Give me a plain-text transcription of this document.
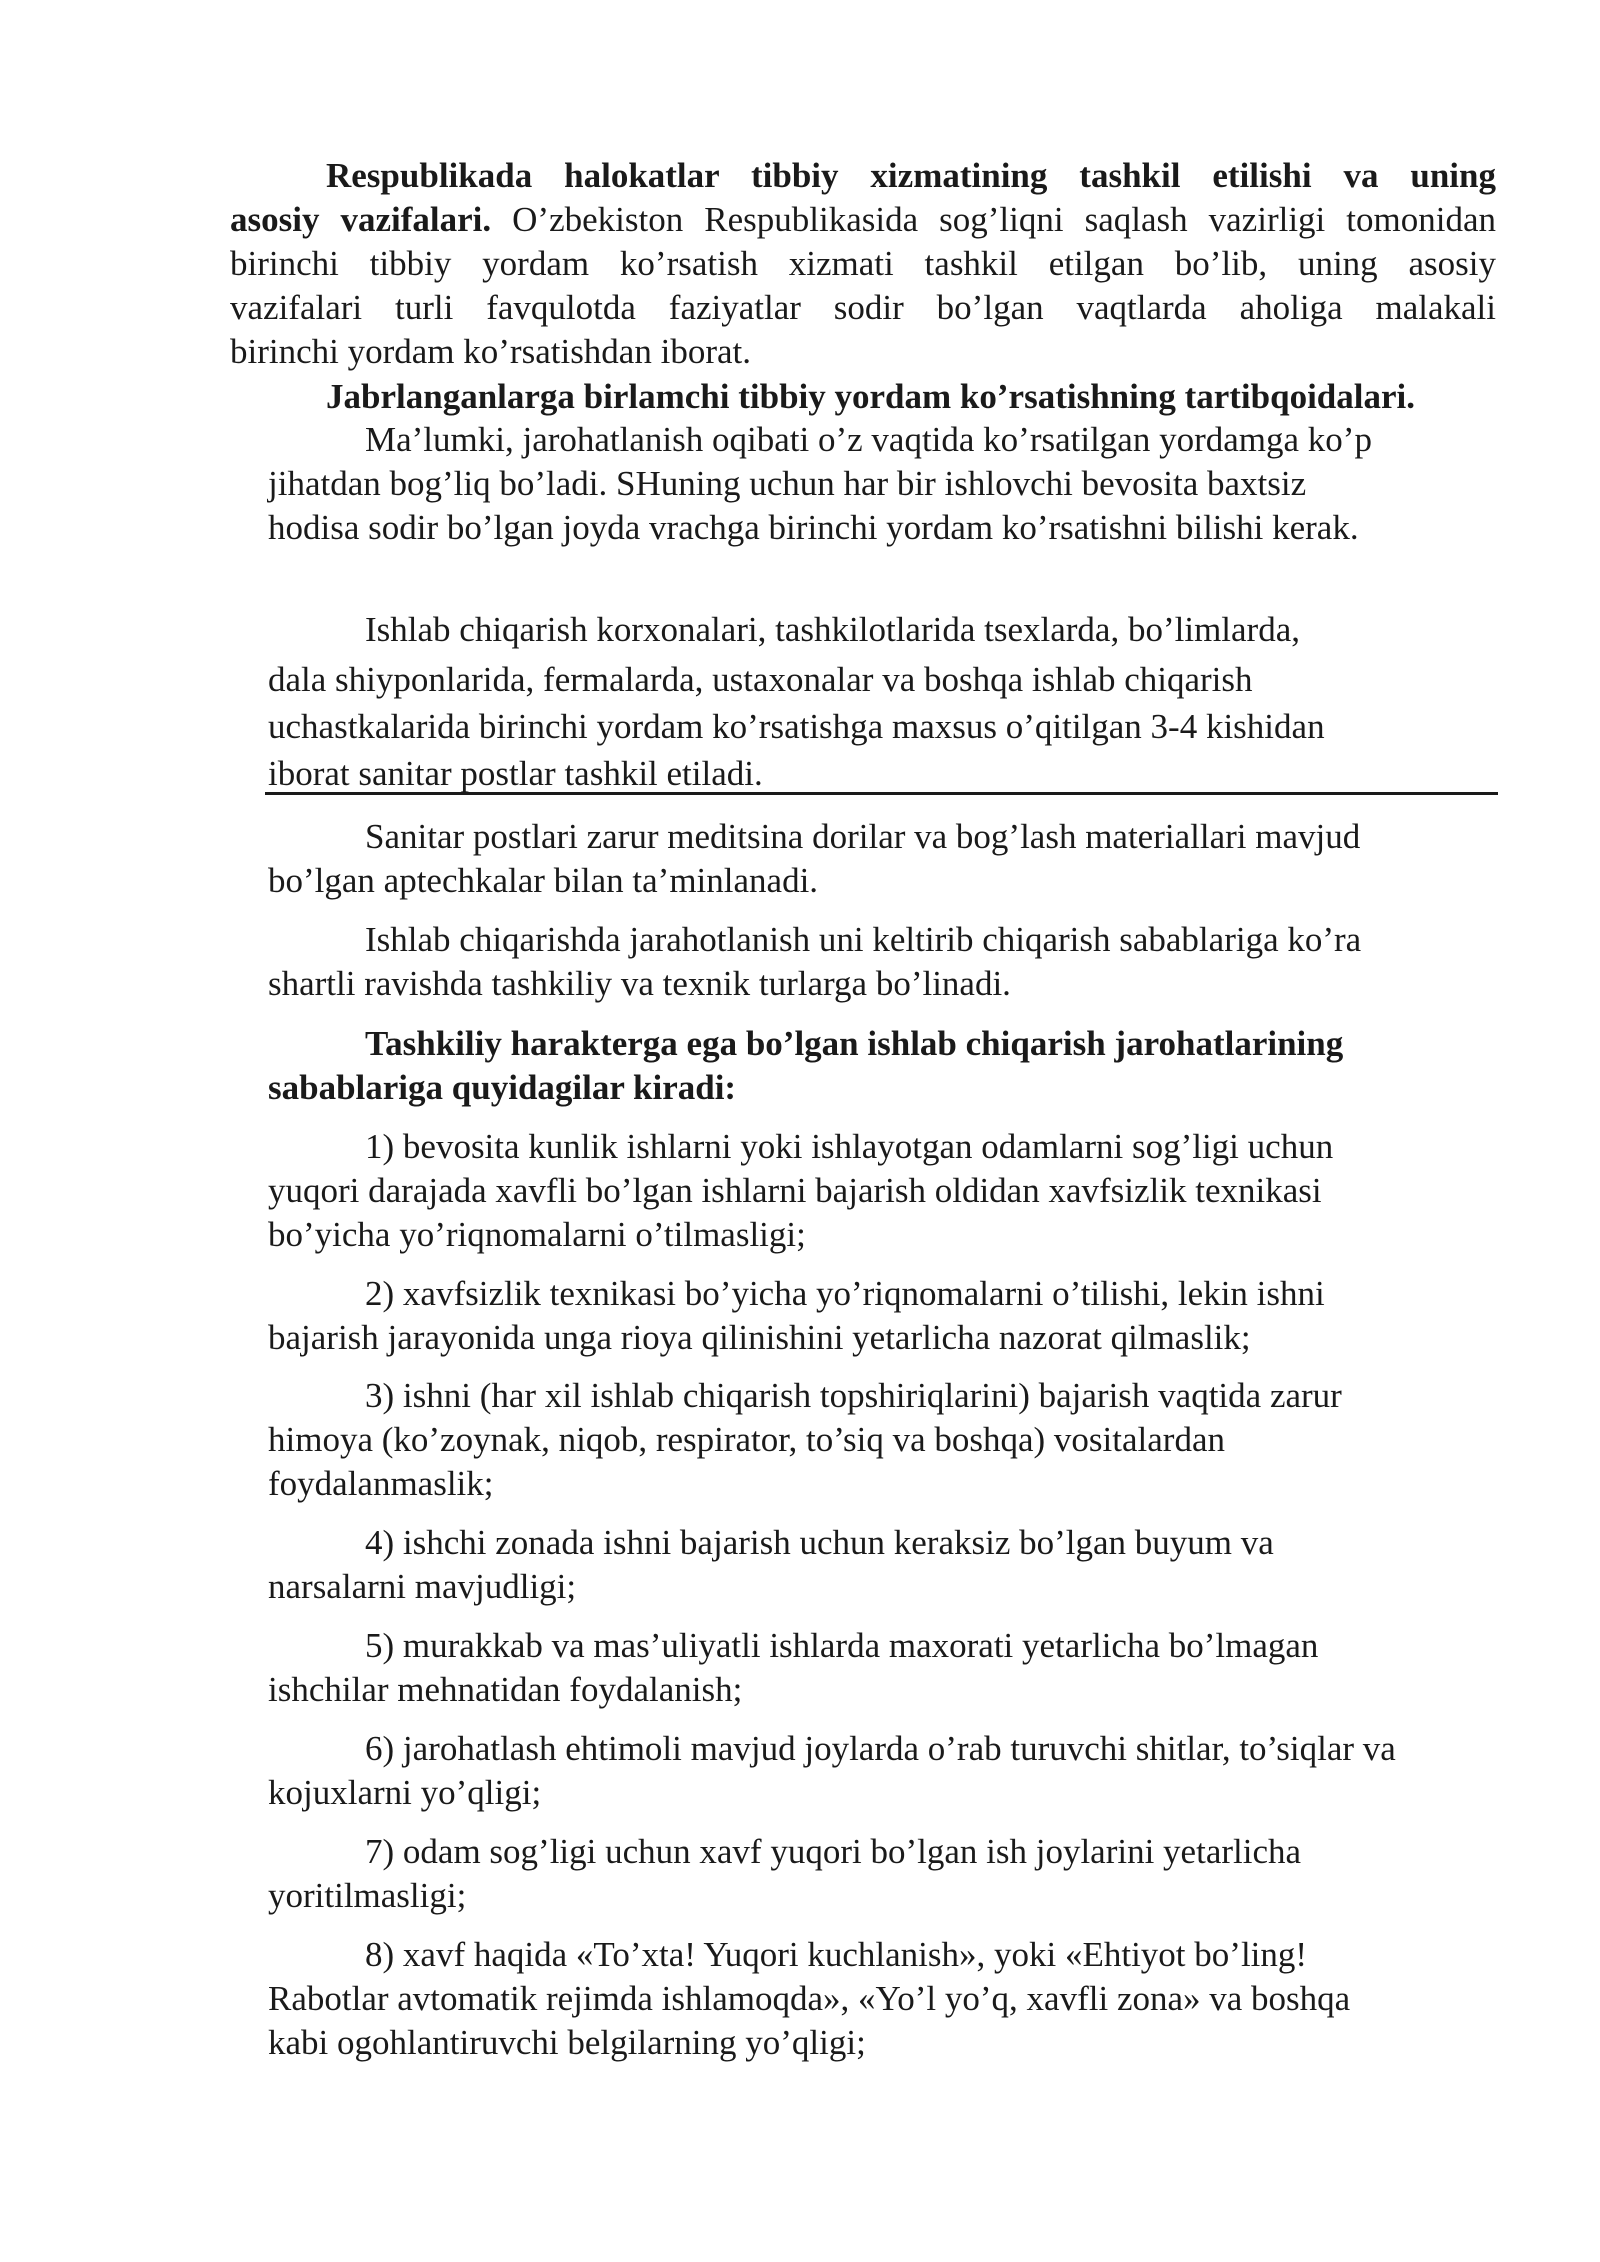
Respublikada halokatlar tibbiy xizmatining tashkil etilishi va uning
asosiy vazifalari. O’zbekiston Respublikasida sog’liqni saqlash vazirligi tomonidan
birinchi tibbiy yordam ko’rsatish xizmati tashkil etilgan bo’lib, uning asosiy
vazifalari turli favqulotda faziyatlar sodir bo’lgan vaqtlarda aholiga malakali
birinchi yordam ko’rsatishdan iborat.
Jabrlanganlarga birlamchi tibbiy yordam ko’rsatishning tartibqoidalari.
Ma’lumki, jarohatlanish oqibati o’z vaqtida ko’rsatilgan yordamga ko’p
jihatdan bog’liq bo’ladi. SHuning uchun har bir ishlovchi bevosita baxtsiz
hodisa sodir bo’lgan joyda vrachga birinchi yordam ko’rsatishni bilishi kerak.
Ishlab chiqarish korxonalari, tashkilotlarida tsexlarda, bo’limlarda,
dala shiyponlarida, fermalarda, ustaxonalar va boshqa ishlab chiqarish
uchastkalarida birinchi yordam ko’rsatishga maxsus o’qitilgan 3-4 kishidan
iborat sanitar postlar tashkil etiladi.
Sanitar postlari zarur meditsina dorilar va bog’lash materiallari mavjud
bo’lgan aptechkalar bilan ta’minlanadi.
Ishlab chiqarishda jarahotlanish uni keltirib chiqarish sabablariga ko’ra
shartli ravishda tashkiliy va texnik turlarga bo’linadi.
Tashkiliy harakterga ega bo’lgan ishlab chiqarish jarohatlarining
sabablariga quyidagilar kiradi:
1) bevosita kunlik ishlarni yoki ishlayotgan odamlarni sog’ligi uchun
yuqori darajada xavfli bo’lgan ishlarni bajarish oldidan xavfsizlik texnikasi
bo’yicha yo’riqnomalarni o’tilmasligi;
2) xavfsizlik texnikasi bo’yicha yo’riqnomalarni o’tilishi, lekin ishni
bajarish jarayonida unga rioya qilinishini yetarlicha nazorat qilmaslik;
3) ishni (har xil ishlab chiqarish topshiriqlarini) bajarish vaqtida zarur
himoya (ko’zoynak, niqob, respirator, to’siq va boshqa) vositalardan
foydalanmaslik;
4) ishchi zonada ishni bajarish uchun keraksiz bo’lgan buyum va
narsalarni mavjudligi;
5) murakkab va mas’uliyatli ishlarda maxorati yetarlicha bo’lmagan
ishchilar mehnatidan foydalanish;
6) jarohatlash ehtimoli mavjud joylarda o’rab turuvchi shitlar, to’siqlar va
kojuxlarni yo’qligi;
7) odam sog’ligi uchun xavf yuqori bo’lgan ish joylarini yetarlicha
yoritilmasligi;
8) xavf haqida «To’xta! Yuqori kuchlanish», yoki «Ehtiyot bo’ling!
Rabotlar avtomatik rejimda ishlamoqda», «Yo’l yo’q, xavfli zona» va boshqa
kabi ogohlantiruvchi belgilarning yo’qligi;
